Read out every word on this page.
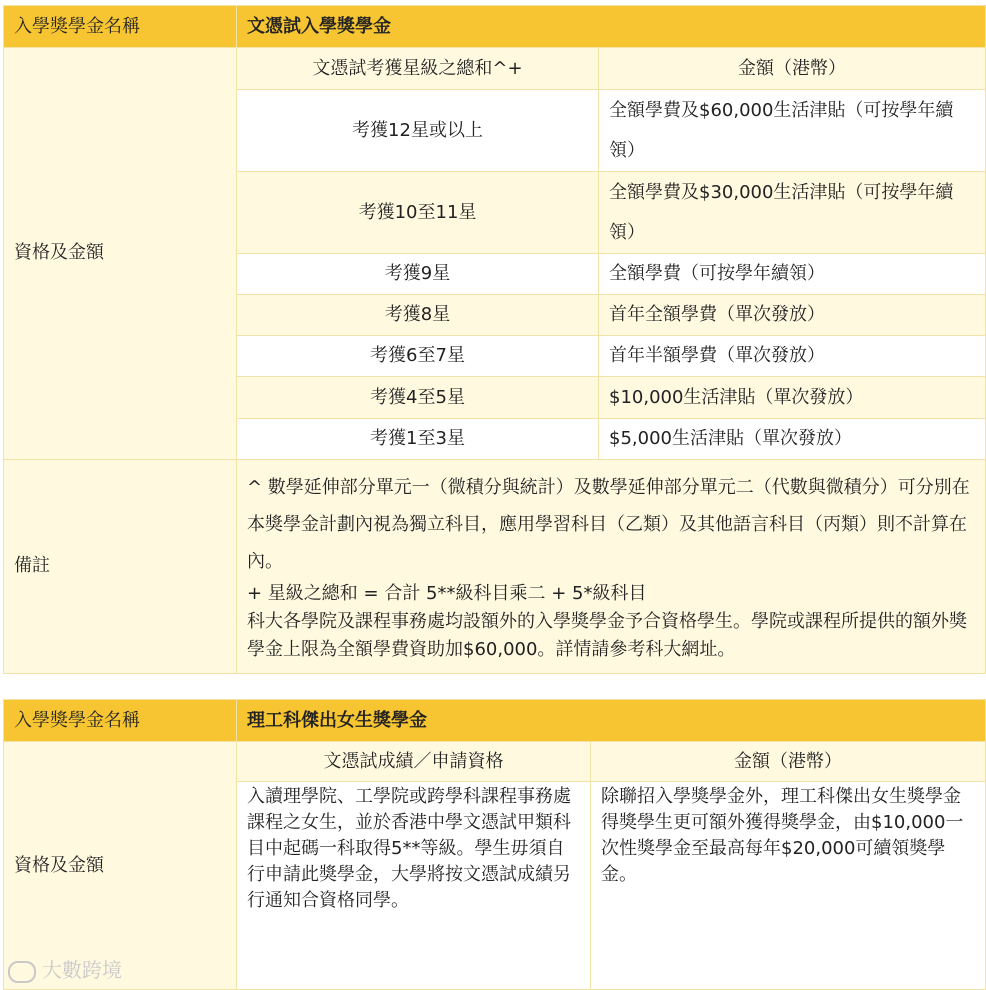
入學獎學金名稱	文憑試入學獎學金	
資格及金額	文憑試考獲星級之總和^+	金額（港幣）
	考獲12星或以上	全額學費及$60,000生活津貼（可按學年續領）
	考獲10至11星	全額學費及$30,000生活津貼（可按學年續領）
	考獲9星	全額學費（可按學年續領）
	考獲8星	首年全額學費（單次發放）
	考獲6至7星	首年半額學費（單次發放）
	考獲4至5星	$10,000生活津貼（單次發放）
	考獲1至3星	$5,000生活津貼（單次發放）
備註	^ 數學延伸部分單元一（微積分與統計）及數學延伸部分單元二（代數與微積分）可分別在本獎學金計劃內視為獨立科目，應用學習科目（乙類）及其他語言科目（丙類）則不計算在內。

+ 星級之總和 = 合計 5**級科目乘二 + 5*級科目

科大各學院及課程事務處均設額外的入學獎學金予合資格學生。學院或課程所提供的額外獎學金上限為全額學費資助加$60,000。詳情請參考科大網址。	

入學獎學金名稱	理工科傑出女生獎學金	
資格及金額	文憑試成績／申請資格	金額（港幣）
	入讀理學院、工學院或跨學科課程事務處課程之女生，並於香港中學文憑試甲類科目中起碼一科取得5**等級。學生毋須自行申請此獎學金，大學將按文憑試成績另行通知合資格同學。	除聯招入學獎學金外，理工科傑出女生獎學金得獎學生更可額外獲得獎學金，由$10,000一次性獎學金至最高每年$20,000可續領獎學金。
大數跨境
